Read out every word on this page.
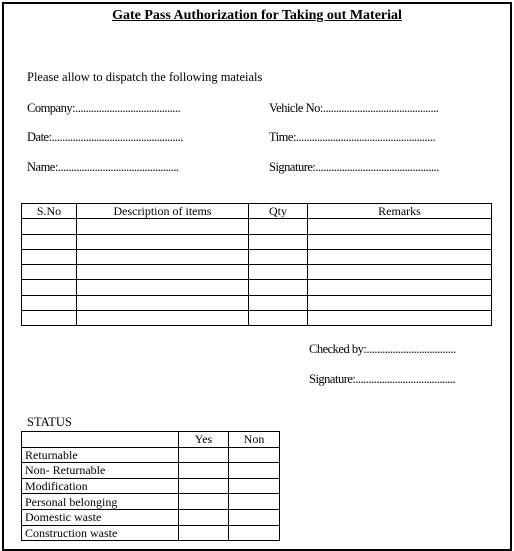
Gate Pass Authorization for Taking out Material
Please allow to dispatch the following mateials
Company:........................................	Vehicle No:............................................
Date:..................................................	Time:.....................................................
Name:..............................................	Signature:...............................................
S.No	Description of items	Qty	Remarks

Checked by:..................................
Signature:......................................
STATUS
	Yes	Non
Returnable		
Non- Returnable		
Modification		
Personal belonging		
Domestic waste		
Construction waste		
